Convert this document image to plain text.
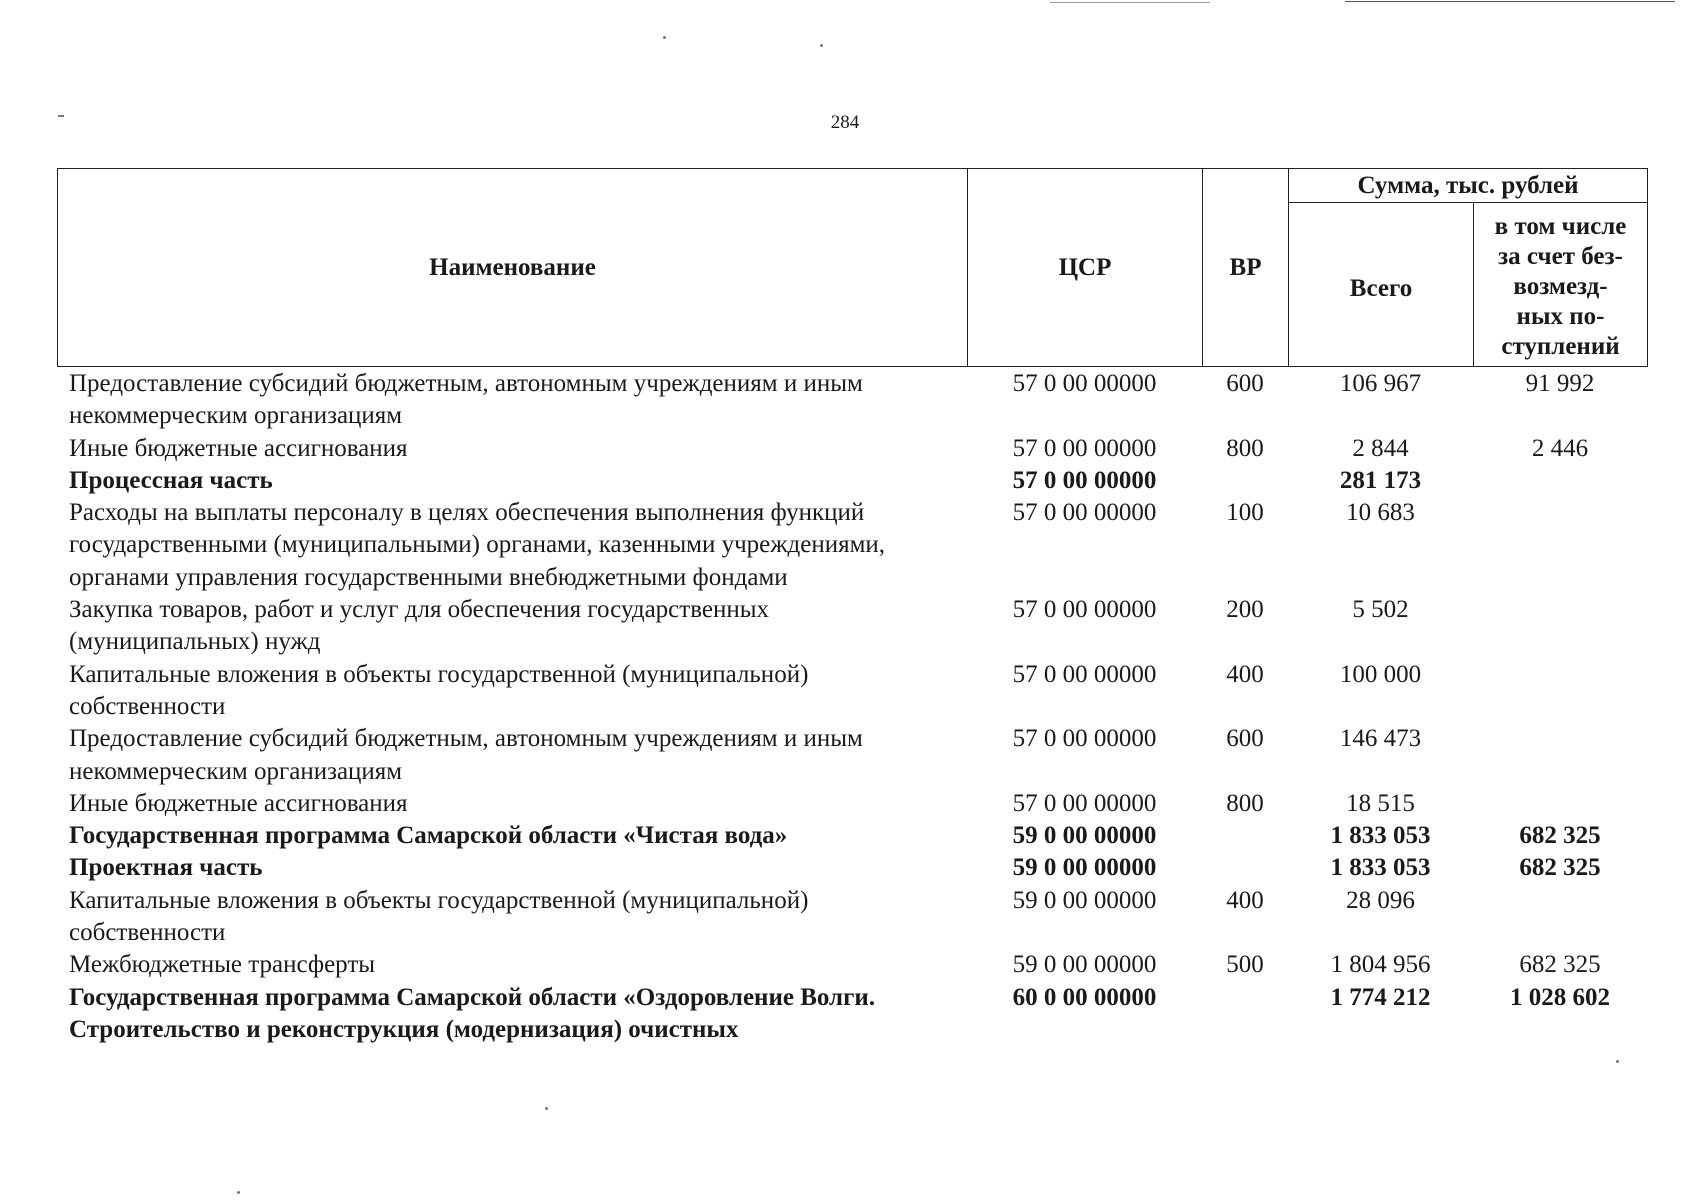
284
Наименование	ЦСР	ВР	Сумма, тыс. рублей	
			Всего	в том числе
за счет без-
возмезд-
ных по-
ступлений
Предоставление субсидий бюджетным, автономным учреждениям и иным некоммерческим организациям	57 0 00 00000	600	106 967	91 992
Иные бюджетные ассигнования	57 0 00 00000	800	2 844	2 446
Процессная часть	57 0 00 00000		281 173	
Расходы на выплаты персоналу в целях обеспечения выполнения функций государственными (муниципальными) органами, казенными учреждениями, органами управления государственными внебюджетными фондами	57 0 00 00000	100	10 683	
Закупка товаров, работ и услуг для обеспечения государственных (муниципальных) нужд	57 0 00 00000	200	5 502	
Капитальные вложения в объекты государственной (муниципальной) собственности	57 0 00 00000	400	100 000	
Предоставление субсидий бюджетным, автономным учреждениям и иным некоммерческим организациям	57 0 00 00000	600	146 473	
Иные бюджетные ассигнования	57 0 00 00000	800	18 515	
Государственная программа Самарской области «Чистая вода»	59 0 00 00000		1 833 053	682 325
Проектная часть	59 0 00 00000		1 833 053	682 325
Капитальные вложения в объекты государственной (муниципальной) собственности	59 0 00 00000	400	28 096	
Межбюджетные трансферты	59 0 00 00000	500	1 804 956	682 325
Государственная программа Самарской области «Оздоровление Волги. Строительство и реконструкция (модернизация) очистных	60 0 00 00000		1 774 212	1 028 602
